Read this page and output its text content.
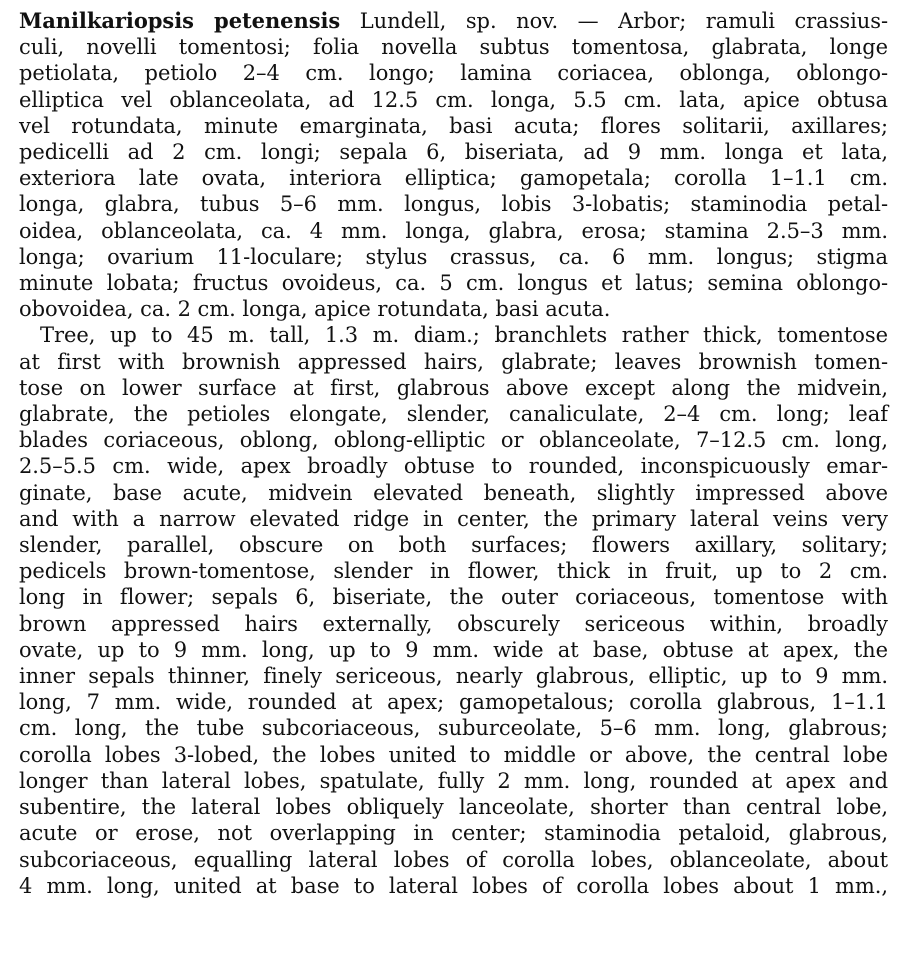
Manilkariopsis petenensis Lundell, sp. nov. — Arbor; ramuli crassius-
culi, novelli tomentosi; folia novella subtus tomentosa, glabrata, longe
petiolata, petiolo 2–4 cm. longo; lamina coriacea, oblonga, oblongo-
elliptica vel oblanceolata, ad 12.5 cm. longa, 5.5 cm. lata, apice obtusa
vel rotundata, minute emarginata, basi acuta; flores solitarii, axillares;
pedicelli ad 2 cm. longi; sepala 6, biseriata, ad 9 mm. longa et lata,
exteriora late ovata, interiora elliptica; gamopetala; corolla 1–1.1 cm.
longa, glabra, tubus 5–6 mm. longus, lobis 3-lobatis; staminodia petal-
oidea, oblanceolata, ca. 4 mm. longa, glabra, erosa; stamina 2.5–3 mm.
longa; ovarium 11-loculare; stylus crassus, ca. 6 mm. longus; stigma
minute lobata; fructus ovoideus, ca. 5 cm. longus et latus; semina oblongo-
obovoidea, ca. 2 cm. longa, apice rotundata, basi acuta.
Tree, up to 45 m. tall, 1.3 m. diam.; branchlets rather thick, tomentose
at first with brownish appressed hairs, glabrate; leaves brownish tomen-
tose on lower surface at first, glabrous above except along the midvein,
glabrate, the petioles elongate, slender, canaliculate, 2–4 cm. long; leaf
blades coriaceous, oblong, oblong-elliptic or oblanceolate, 7–12.5 cm. long,
2.5–5.5 cm. wide, apex broadly obtuse to rounded, inconspicuously emar-
ginate, base acute, midvein elevated beneath, slightly impressed above
and with a narrow elevated ridge in center, the primary lateral veins very
slender, parallel, obscure on both surfaces; flowers axillary, solitary;
pedicels brown-tomentose, slender in flower, thick in fruit, up to 2 cm.
long in flower; sepals 6, biseriate, the outer coriaceous, tomentose with
brown appressed hairs externally, obscurely sericeous within, broadly
ovate, up to 9 mm. long, up to 9 mm. wide at base, obtuse at apex, the
inner sepals thinner, finely sericeous, nearly glabrous, elliptic, up to 9 mm.
long, 7 mm. wide, rounded at apex; gamopetalous; corolla glabrous, 1–1.1
cm. long, the tube subcoriaceous, suburceolate, 5–6 mm. long, glabrous;
corolla lobes 3-lobed, the lobes united to middle or above, the central lobe
longer than lateral lobes, spatulate, fully 2 mm. long, rounded at apex and
subentire, the lateral lobes obliquely lanceolate, shorter than central lobe,
acute or erose, not overlapping in center; staminodia petaloid, glabrous,
subcoriaceous, equalling lateral lobes of corolla lobes, oblanceolate, about
4 mm. long, united at base to lateral lobes of corolla lobes about 1 mm.,
